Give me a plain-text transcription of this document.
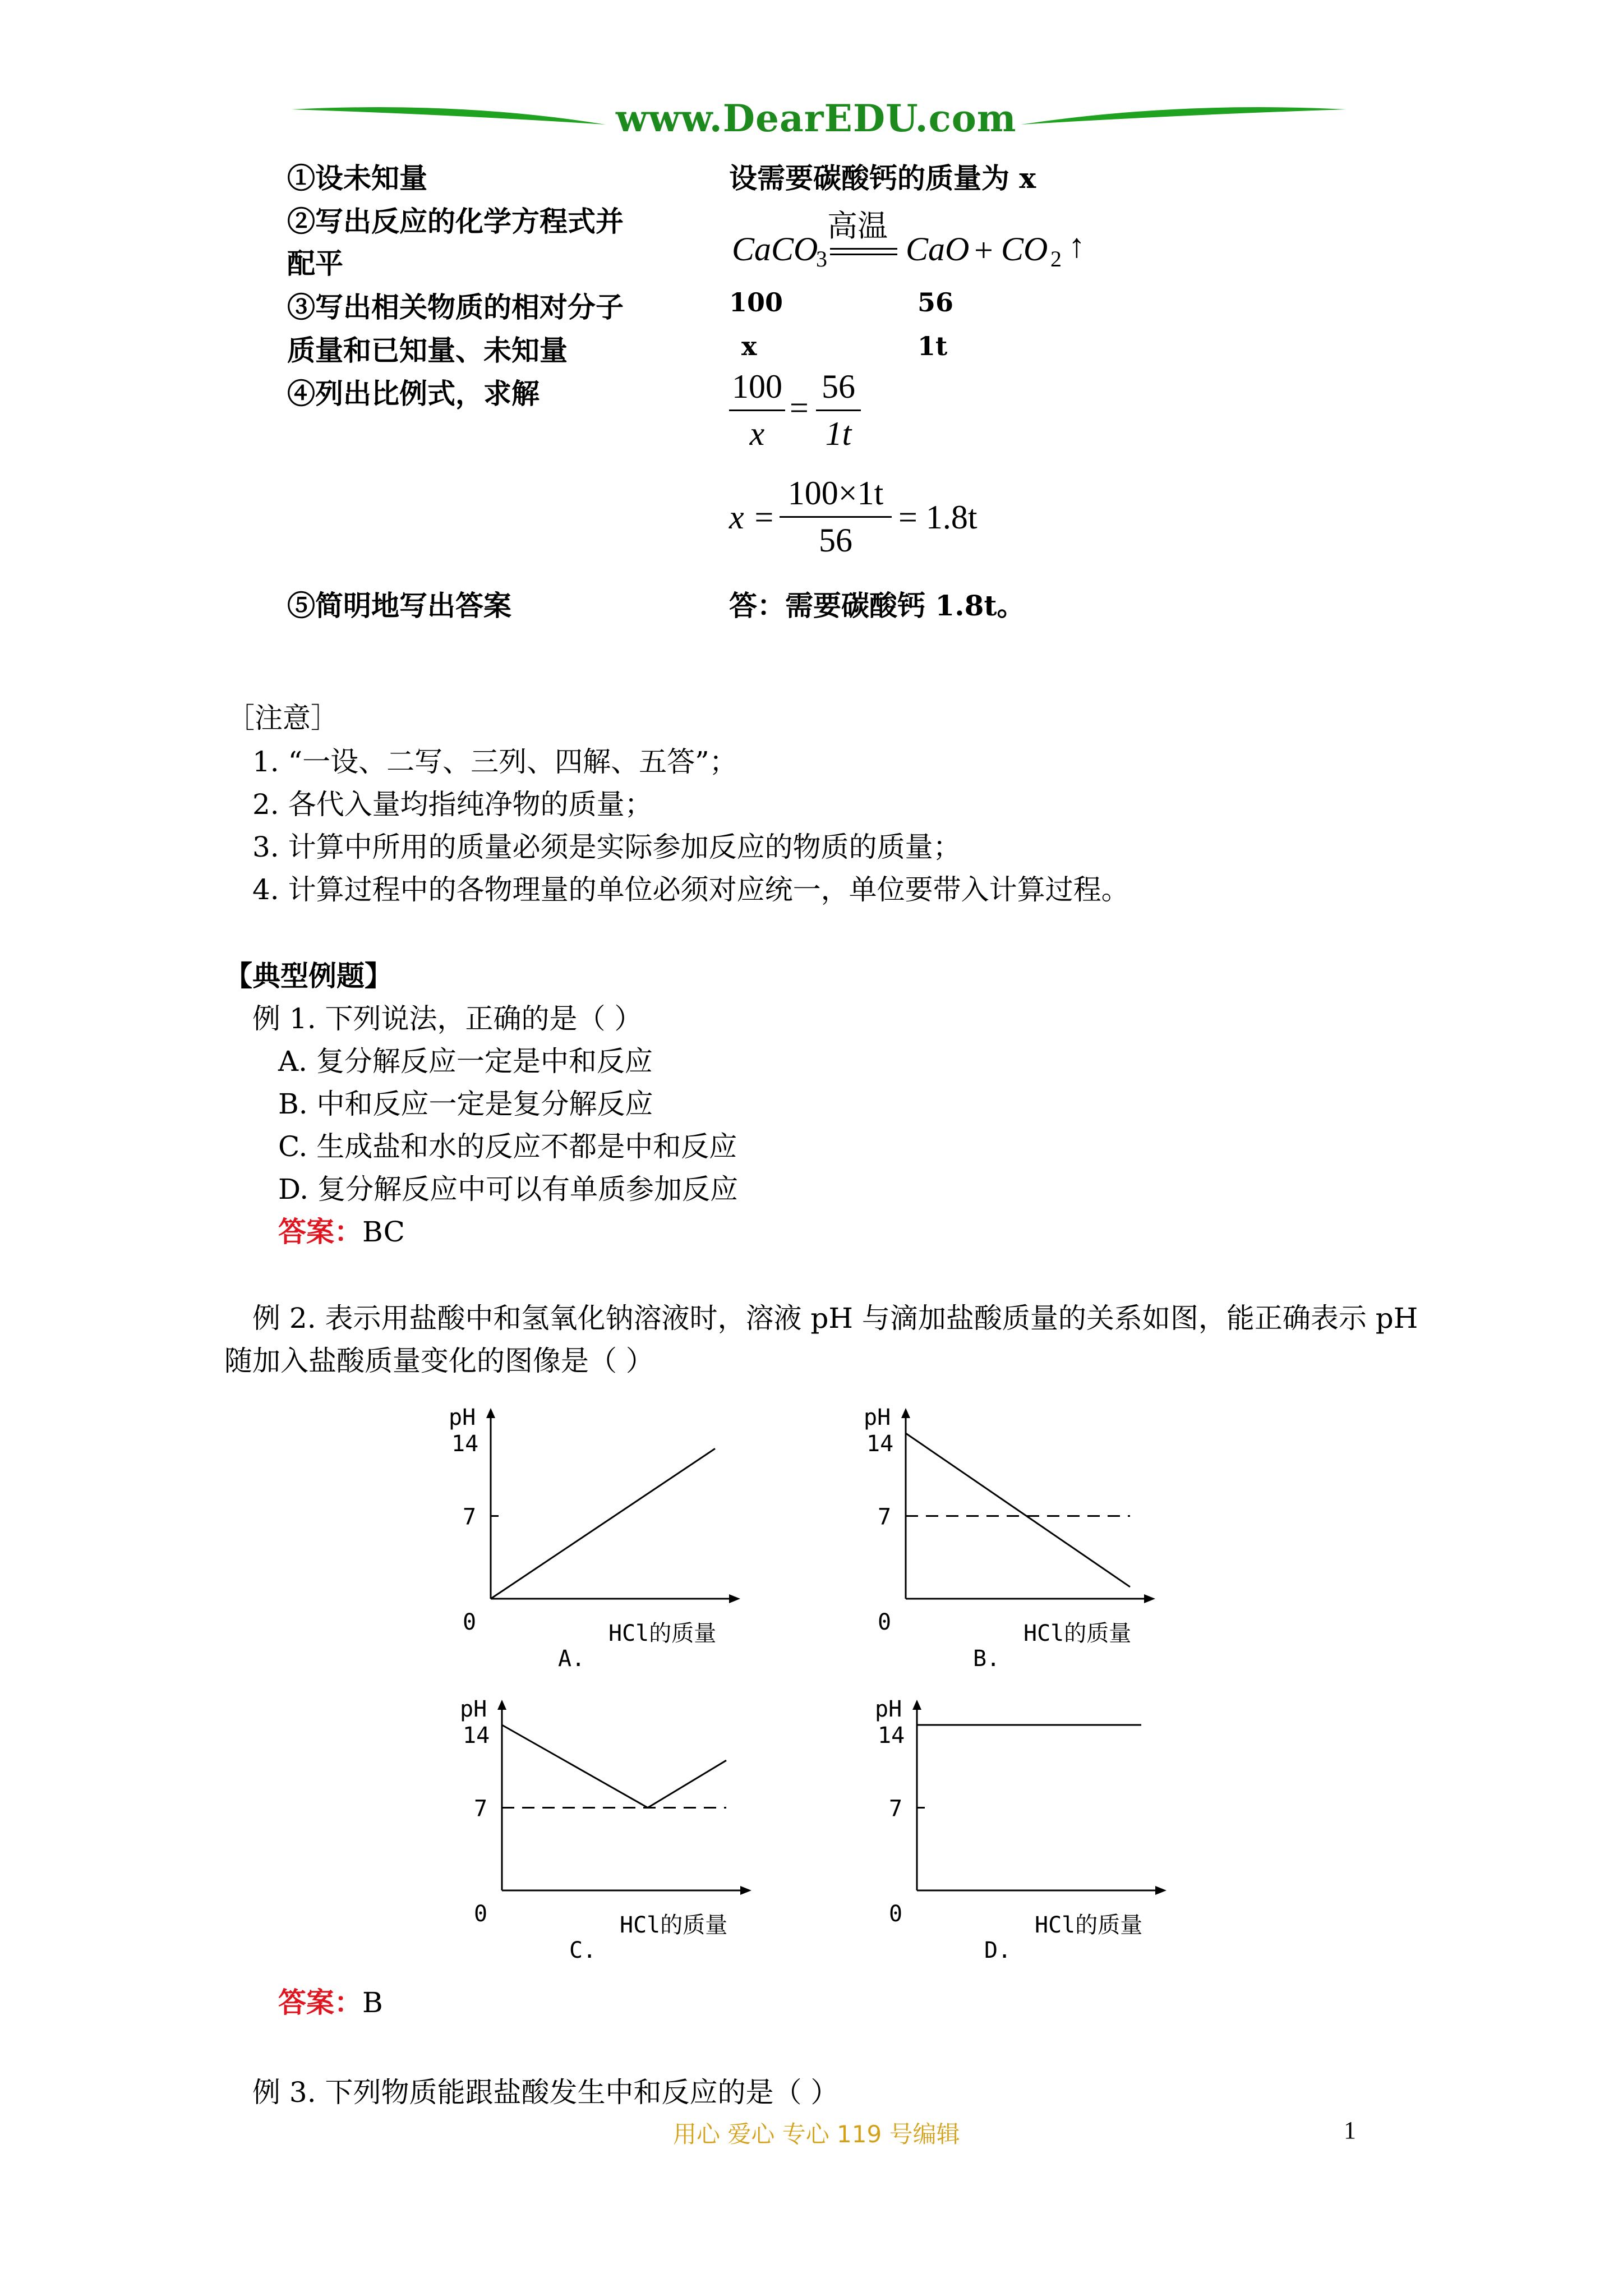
www.DearEDU.com
①设未知量	设需要碳酸钙的质量为 x
②写出反应的化学方程式并
配平	CaCO
3
高温
CaO + CO 2 ↑
③写出相关物质的相对分子
质量和已知量、未知量
100	56
x	1t
④列出比例式，求解	100
x
=
56
1t
x =
100×1t
56
= 1.8t
⑤简明地写出答案	答：需要碳酸钙 1.8t。
［注意］
1. “一设、二写、三列、四解、五答”；
2. 各代入量均指纯净物的质量；
3. 计算中所用的质量必须是实际参加反应的物质的质量；
4. 计算过程中的各物理量的单位必须对应统一，单位要带入计算过程。
【典型例题】
例 1. 下列说法，正确的是（ ）
A. 复分解反应一定是中和反应
B. 中和反应一定是复分解反应
C. 生成盐和水的反应不都是中和反应
D. 复分解反应中可以有单质参加反应
答案：BC
例 2. 表示用盐酸中和氢氧化钠溶液时，溶液 pH 与滴加盐酸质量的关系如图，能正确表示 pH
随加入盐酸质量变化的图像是（ ）
pH
14
7
0	HCl的质量
A.
pH
14
7
0	HCl的质量
B.
pH
14
7
0	HCl的质量
C.
pH
14
7
0	HCl的质量
D.
答案：B
例 3. 下列物质能跟盐酸发生中和反应的是（ ）
用心 爱心 专心 119 号编辑	1
